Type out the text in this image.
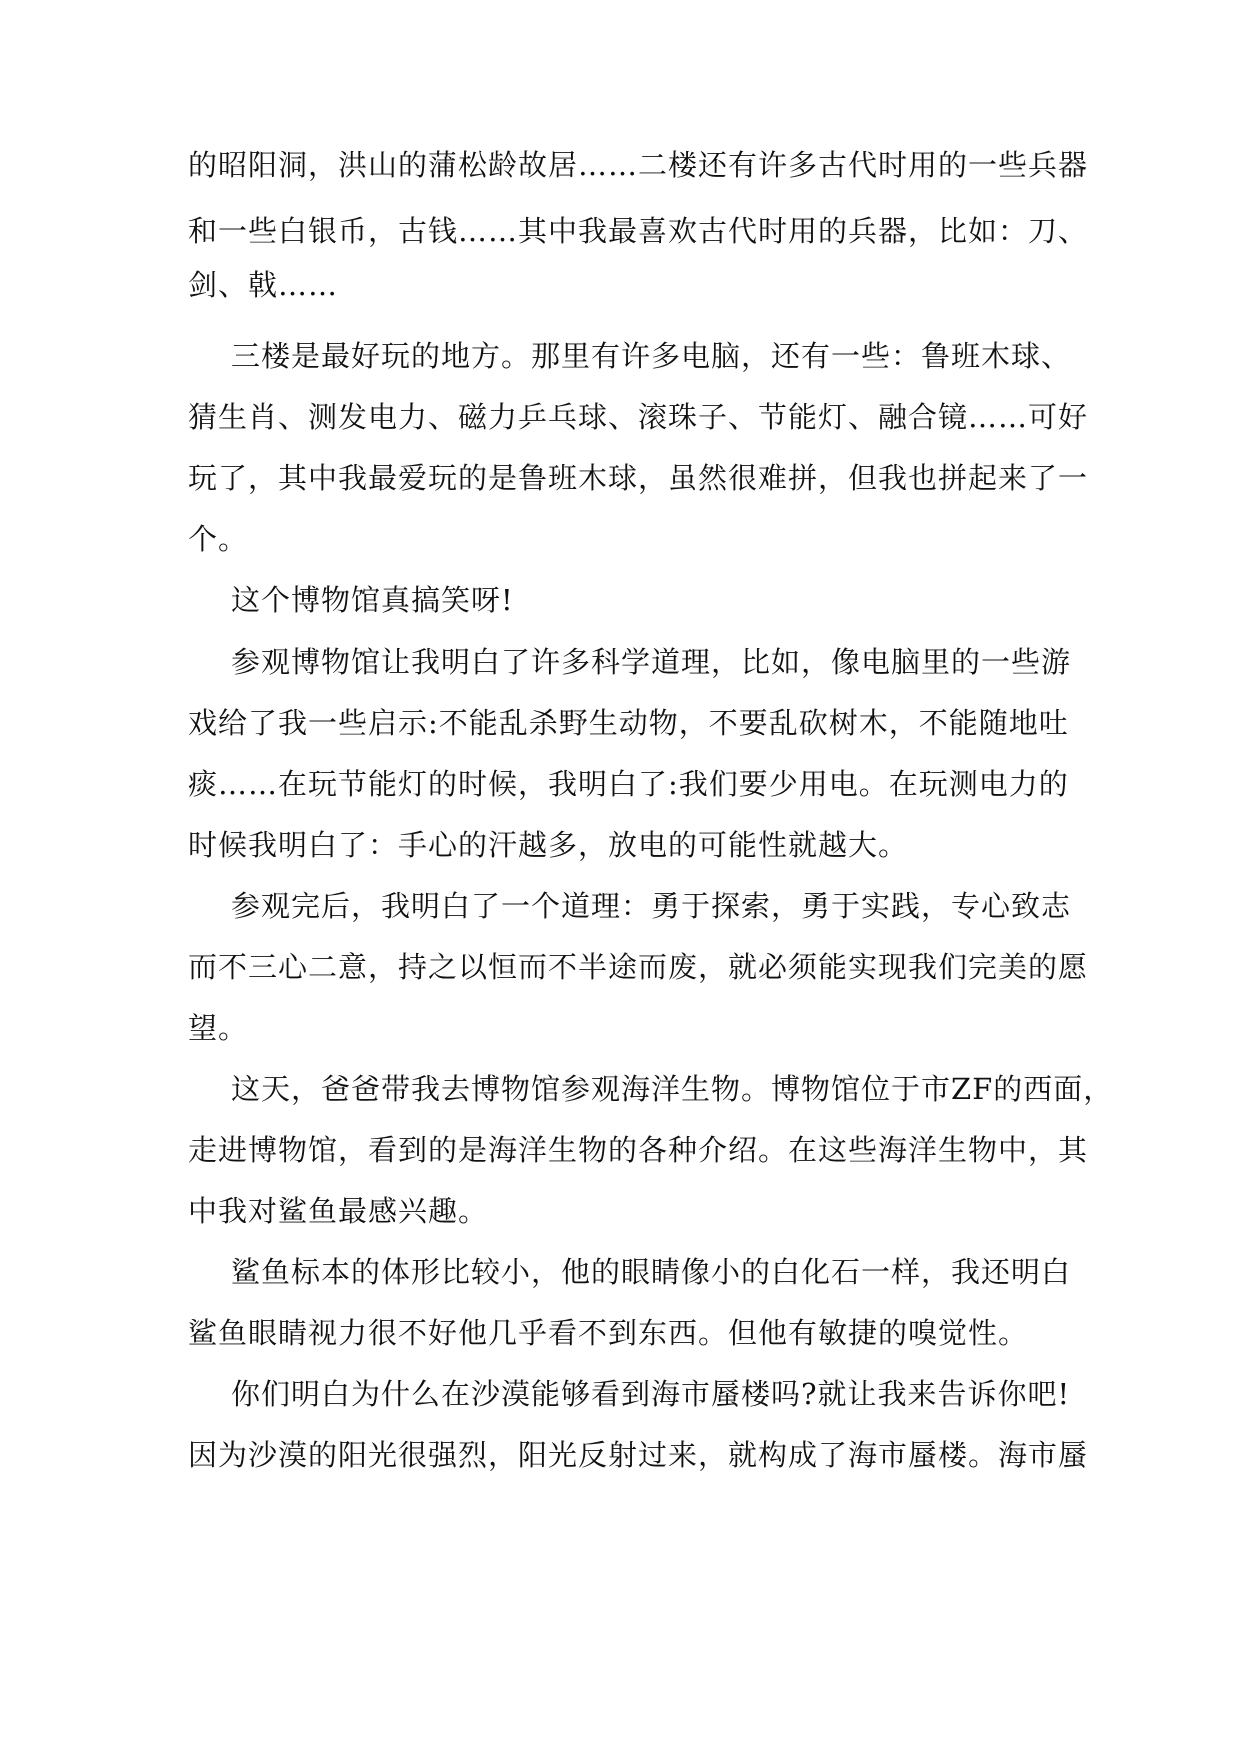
的昭阳洞，洪山的蒲松龄故居……二楼还有许多古代时用的一些兵器
和一些白银币，古钱……其中我最喜欢古代时用的兵器，比如：刀、
剑、戟……
三楼是最好玩的地方。那里有许多电脑，还有一些：鲁班木球、
猜生肖、测发电力、磁力乒乓球、滚珠子、节能灯、融合镜……可好
玩了，其中我最爱玩的是鲁班木球，虽然很难拼，但我也拼起来了一
个。
这个博物馆真搞笑呀!
参观博物馆让我明白了许多科学道理，比如，像电脑里的一些游
戏给了我一些启示:不能乱杀野生动物，不要乱砍树木，不能随地吐
痰……在玩节能灯的时候，我明白了:我们要少用电。在玩测电力的
时候我明白了：手心的汗越多，放电的可能性就越大。
参观完后，我明白了一个道理：勇于探索，勇于实践，专心致志
而不三心二意，持之以恒而不半途而废，就必须能实现我们完美的愿
望。
这天，爸爸带我去博物馆参观海洋生物。博物馆位于市ZF的西面，
走进博物馆，看到的是海洋生物的各种介绍。在这些海洋生物中，其
中我对鲨鱼最感兴趣。
鲨鱼标本的体形比较小，他的眼睛像小的白化石一样，我还明白
鲨鱼眼睛视力很不好他几乎看不到东西。但他有敏捷的嗅觉性。
你们明白为什么在沙漠能够看到海市蜃楼吗?就让我来告诉你吧!
因为沙漠的阳光很强烈，阳光反射过来，就构成了海市蜃楼。海市蜃
